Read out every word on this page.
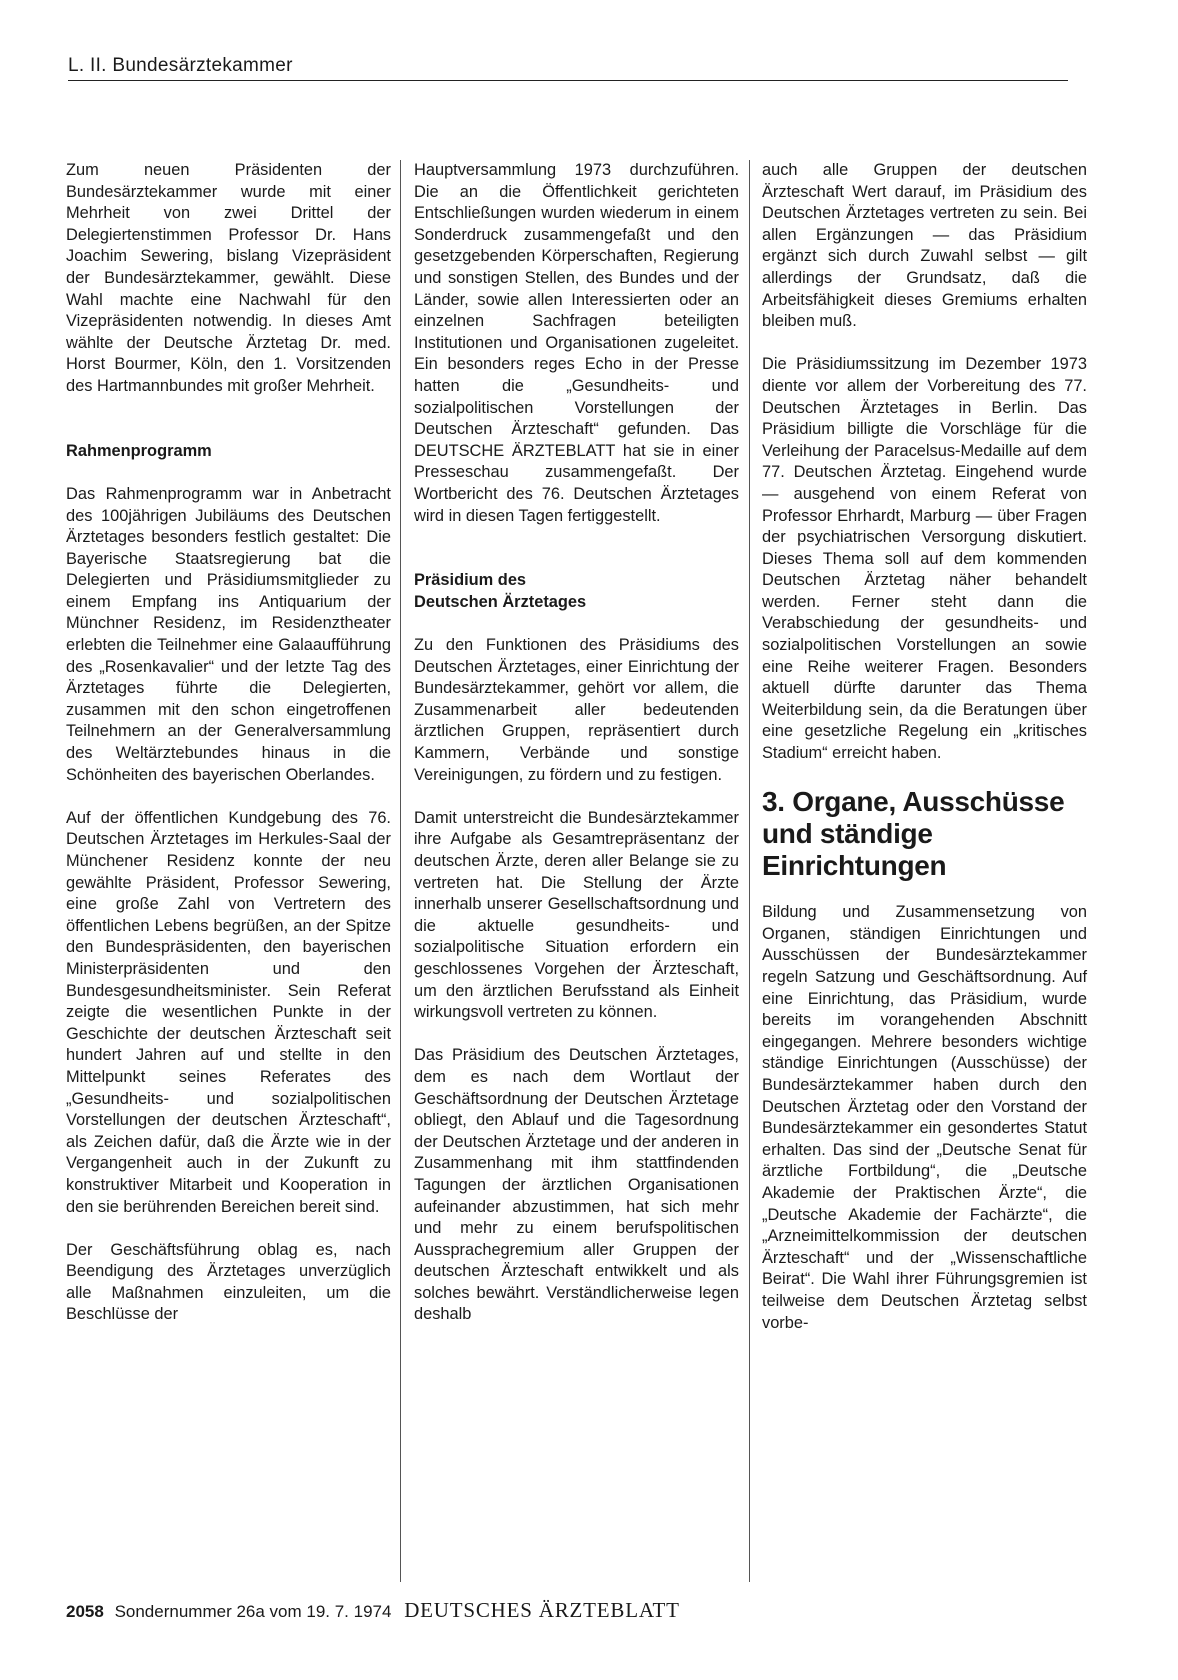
L. II. Bundesärztekammer

Zum neuen Präsidenten der Bundesärztekammer wurde mit einer Mehrheit von zwei Drittel der Delegiertenstimmen Professor Dr. Hans Joachim Sewering, bislang Vizepräsident der Bundesärztekammer, gewählt. Diese Wahl machte eine Nachwahl für den Vizepräsidenten notwendig. In dieses Amt wählte der Deutsche Ärztetag Dr. med. Horst Bourmer, Köln, den 1. Vorsitzenden des Hartmannbundes mit großer Mehrheit.

Rahmenprogramm

Das Rahmenprogramm war in Anbetracht des 100jährigen Jubiläums des Deutschen Ärztetages besonders festlich gestaltet: Die Bayerische Staatsregierung bat die Delegierten und Präsidiumsmitglieder zu einem Empfang ins Antiquarium der Münchner Residenz, im Residenztheater erlebten die Teilnehmer eine Galaaufführung des „Rosenkavalier“ und der letzte Tag des Ärztetages führte die Delegierten, zusammen mit den schon eingetroffenen Teilnehmern an der Generalversammlung des Weltärztebundes hinaus in die Schönheiten des bayerischen Oberlandes.

Auf der öffentlichen Kundgebung des 76. Deutschen Ärztetages im Herkules-Saal der Münchener Residenz konnte der neu gewählte Präsident, Professor Sewering, eine große Zahl von Vertretern des öffentlichen Lebens begrüßen, an der Spitze den Bundespräsidenten, den bayerischen Ministerpräsidenten und den Bundesgesundheitsminister. Sein Referat zeigte die wesentlichen Punkte in der Geschichte der deutschen Ärzteschaft seit hundert Jahren auf und stellte in den Mittelpunkt seines Referates des „Gesundheits- und sozialpolitischen Vorstellungen der deutschen Ärzteschaft“, als Zeichen dafür, daß die Ärzte wie in der Vergangenheit auch in der Zukunft zu konstruktiver Mitarbeit und Kooperation in den sie berührenden Bereichen bereit sind.

Der Geschäftsführung oblag es, nach Beendigung des Ärztetages unverzüglich alle Maßnahmen einzuleiten, um die Beschlüsse der

Hauptversammlung 1973 durchzuführen. Die an die Öffentlichkeit gerichteten Entschließungen wurden wiederum in einem Sonderdruck zusammengefaßt und den gesetzgebenden Körperschaften, Regierung und sonstigen Stellen, des Bundes und der Länder, sowie allen Interessierten oder an einzelnen Sachfragen beteiligten Institutionen und Organisationen zugeleitet. Ein besonders reges Echo in der Presse hatten die „Gesundheits- und sozialpolitischen Vorstellungen der Deutschen Ärzteschaft“ gefunden. Das DEUTSCHE ÄRZTEBLATT hat sie in einer Presseschau zusammengefaßt. Der Wortbericht des 76. Deutschen Ärztetages wird in diesen Tagen fertiggestellt.

Präsidium des
Deutschen Ärztetages

Zu den Funktionen des Präsidiums des Deutschen Ärztetages, einer Einrichtung der Bundesärztekammer, gehört vor allem, die Zusammenarbeit aller bedeutenden ärztlichen Gruppen, repräsentiert durch Kammern, Verbände und sonstige Vereinigungen, zu fördern und zu festigen.

Damit unterstreicht die Bundesärztekammer ihre Aufgabe als Gesamtrepräsentanz der deutschen Ärzte, deren aller Belange sie zu vertreten hat. Die Stellung der Ärzte innerhalb unserer Gesellschaftsordnung und die aktuelle gesundheits- und sozialpolitische Situation erfordern ein geschlossenes Vorgehen der Ärzteschaft, um den ärztlichen Berufsstand als Einheit wirkungsvoll vertreten zu können.

Das Präsidium des Deutschen Ärztetages, dem es nach dem Wortlaut der Geschäftsordnung der Deutschen Ärztetage obliegt, den Ablauf und die Tagesordnung der Deutschen Ärztetage und der anderen in Zusammenhang mit ihm stattfindenden Tagungen der ärztlichen Organisationen aufeinander abzustimmen, hat sich mehr und mehr zu einem berufspolitischen Aussprachegremium aller Gruppen der deutschen Ärzteschaft entwikkelt und als solches bewährt. Verständlicherweise legen deshalb

auch alle Gruppen der deutschen Ärzteschaft Wert darauf, im Präsidium des Deutschen Ärztetages vertreten zu sein. Bei allen Ergänzungen — das Präsidium ergänzt sich durch Zuwahl selbst — gilt allerdings der Grundsatz, daß die Arbeitsfähigkeit dieses Gremiums erhalten bleiben muß.

Die Präsidiumssitzung im Dezember 1973 diente vor allem der Vorbereitung des 77. Deutschen Ärztetages in Berlin. Das Präsidium billigte die Vorschläge für die Verleihung der Paracelsus-Medaille auf dem 77. Deutschen Ärztetag. Eingehend wurde — ausgehend von einem Referat von Professor Ehrhardt, Marburg — über Fragen der psychiatrischen Versorgung diskutiert. Dieses Thema soll auf dem kommenden Deutschen Ärztetag näher behandelt werden. Ferner steht dann die Verabschiedung der gesundheits- und sozialpolitischen Vorstellungen an sowie eine Reihe weiterer Fragen. Besonders aktuell dürfte darunter das Thema Weiterbildung sein, da die Beratungen über eine gesetzliche Regelung ein „kritisches Stadium“ erreicht haben.

3. Organe, Ausschüsse und ständige Einrichtungen

Bildung und Zusammensetzung von Organen, ständigen Einrichtungen und Ausschüssen der Bundesärztekammer regeln Satzung und Geschäftsordnung. Auf eine Einrichtung, das Präsidium, wurde bereits im vorangehenden Abschnitt eingegangen. Mehrere besonders wichtige ständige Einrichtungen (Ausschüsse) der Bundesärztekammer haben durch den Deutschen Ärztetag oder den Vorstand der Bundesärztekammer ein gesondertes Statut erhalten. Das sind der „Deutsche Senat für ärztliche Fortbildung“, die „Deutsche Akademie der Praktischen Ärzte“, die „Deutsche Akademie der Fachärzte“, die „Arzneimittelkommission der deutschen Ärzteschaft“ und der „Wissenschaftliche Beirat“. Die Wahl ihrer Führungsgremien ist teilweise dem Deutschen Ärztetag selbst vorbe-

2058 Sondernummer 26a vom 19. 7. 1974 DEUTSCHES ÄRZTEBLATT
